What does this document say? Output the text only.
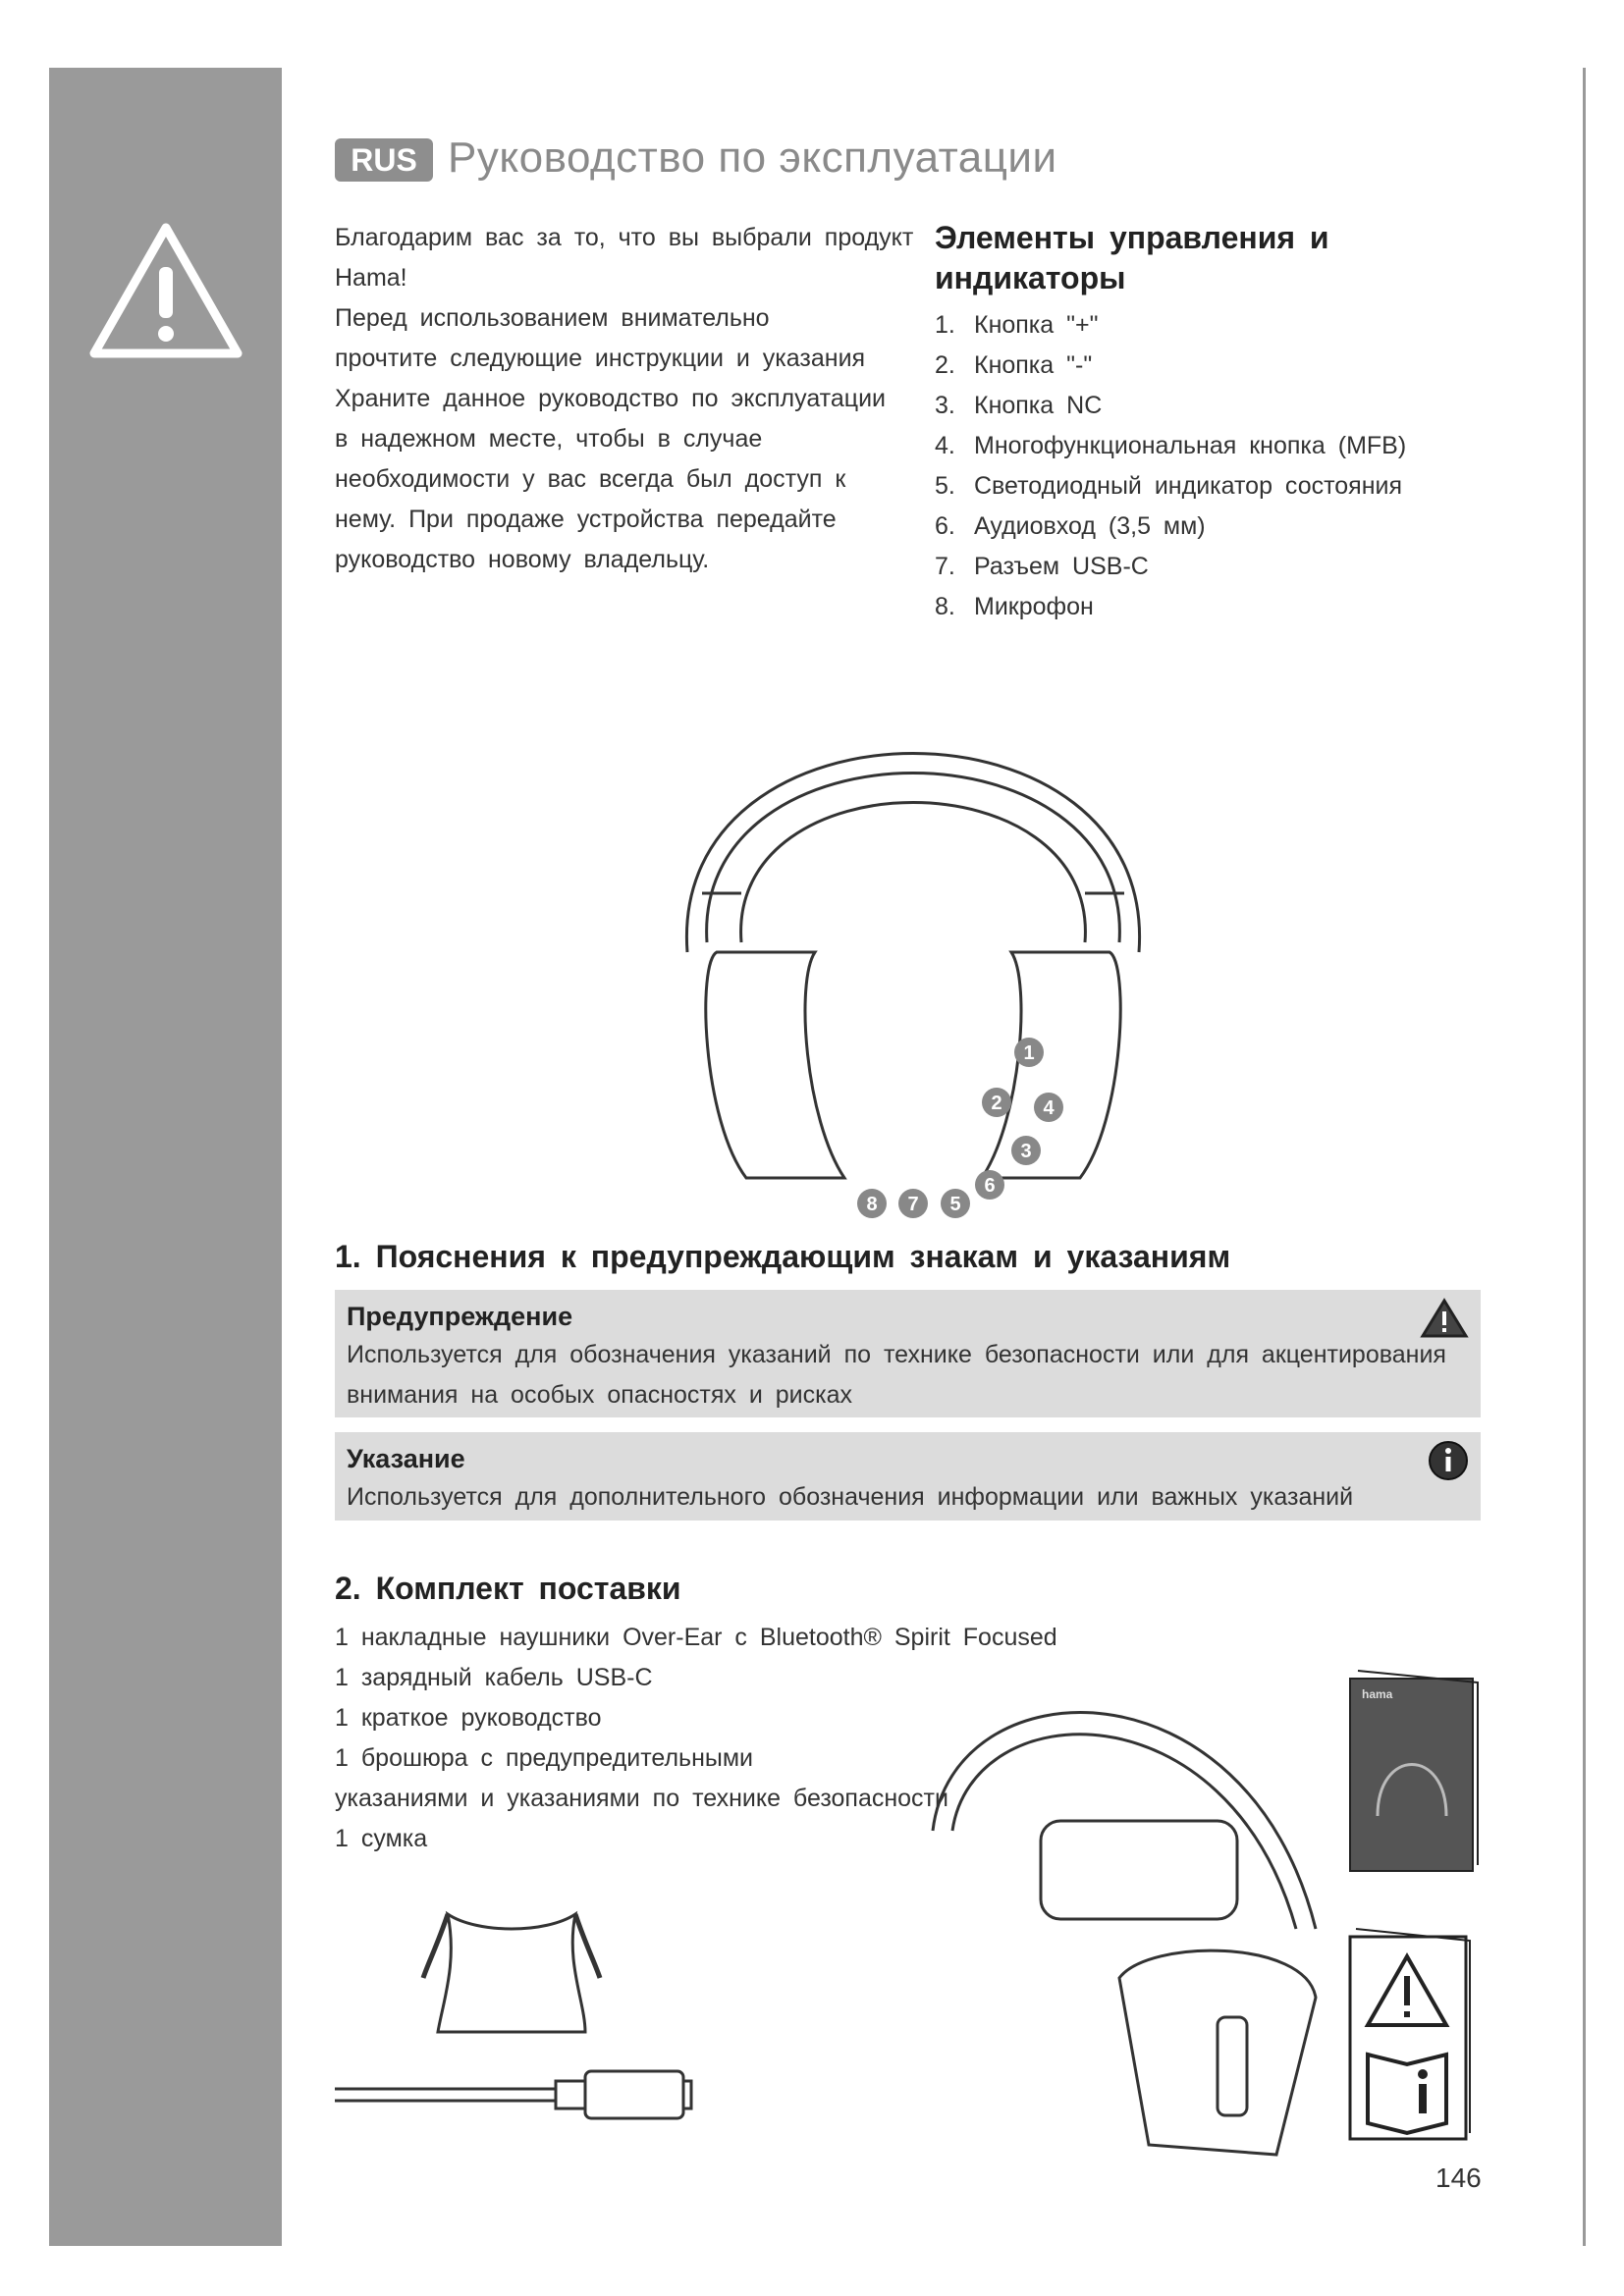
RUS Руководство по эксплуатации
Благодарим вас за то, что вы выбрали продукт
Hama!
Перед использованием внимательно
прочтите следующие инструкции и указания
Храните данное руководство по эксплуатации
в надежном месте, чтобы в случае
необходимости у вас всегда был доступ к
нему. При продаже устройства передайте
руководство новому владельцу.
Элементы управления и индикаторы
1. Кнопка "+"
2. Кнопка "-"
3. Кнопка NC
4. Многофункциональная кнопка (MFB)
5. Светодиодный индикатор состояния
6. Аудиовход (3,5 мм)
7. Разъем USB-C
8. Микрофон
1
2
3
4
5
6
7
8
1. Пояснения к предупреждающим знакам и указаниям
Предупреждение
Используется для обозначения указаний по технике безопасности или для акцентирования внимания на особых опасностях и рисках
Указание
Используется для дополнительного обозначения информации или важных указаний
2. Комплект поставки
1 накладные наушники Over-Ear с Bluetooth® Spirit Focused
1 зарядный кабель USB-C
1 краткое руководство
1 брошюра с предупредительными
указаниями и указаниями по технике безопасности
1 сумка
hama
146
